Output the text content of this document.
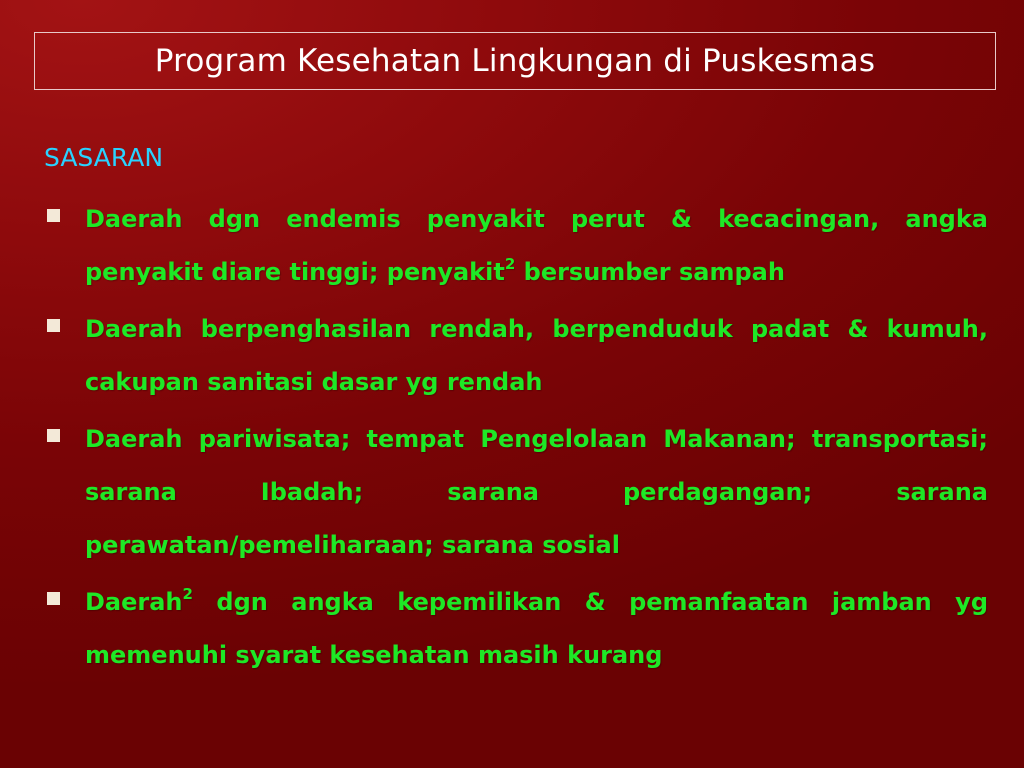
Program Kesehatan Lingkungan di Puskesmas
SASARAN
Daerah dgn endemis penyakit perut & kecacingan, angka penyakit diare tinggi; penyakit$^2$ bersumber sampah
Daerah berpenghasilan rendah, berpenduduk padat & kumuh, cakupan sanitasi dasar yg rendah
Daerah pariwisata; tempat Pengelolaan Makanan; transportasi; sarana Ibadah; sarana perdagangan; sarana perawatan/pemeliharaan; sarana sosial
Daerah$^2$ dgn angka kepemilikan & pemanfaatan jamban yg memenuhi syarat kesehatan masih kurang
